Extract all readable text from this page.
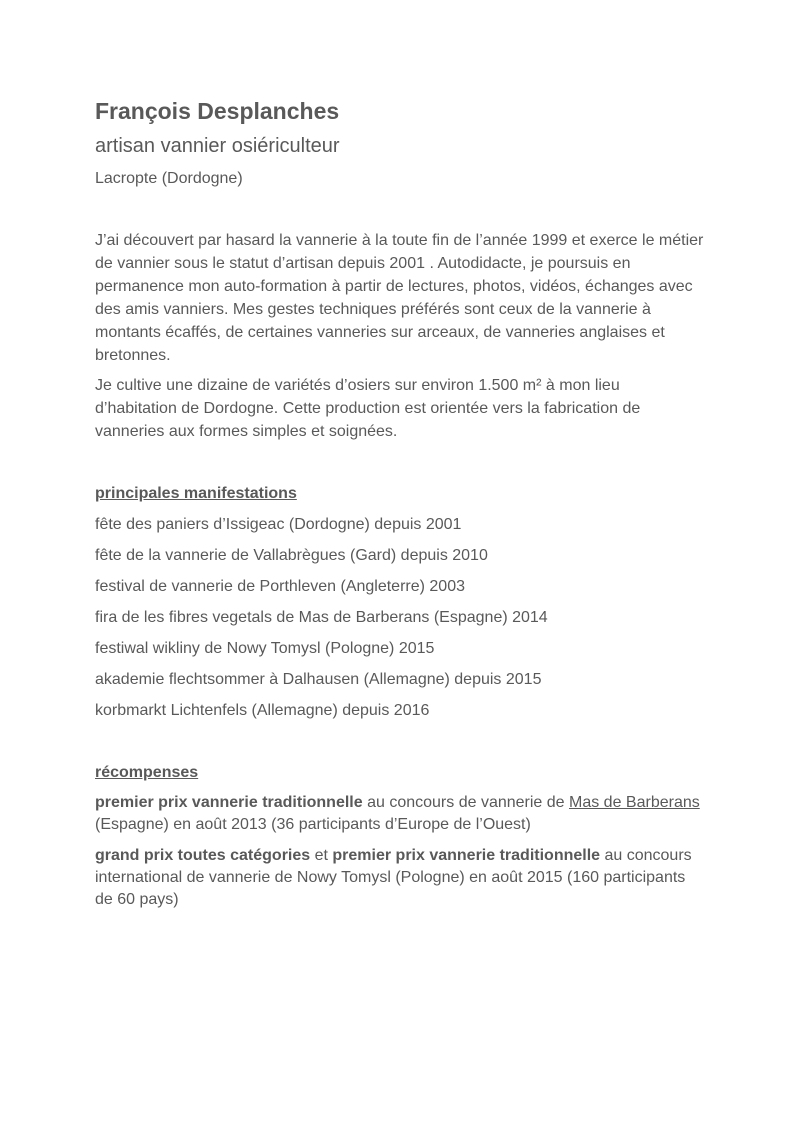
François Desplanches

artisan vannier osiériculteur

Lacropte (Dordogne)

J’ai découvert par hasard la vannerie à la toute fin de l’année 1999 et exerce le métier de vannier sous le statut d’artisan depuis 2001 . Autodidacte, je poursuis en permanence mon auto-formation à partir de lectures, photos, vidéos, échanges avec des amis vanniers. Mes gestes techniques préférés sont ceux de la vannerie à montants écaffés, de certaines vanneries sur arceaux, de vanneries anglaises et bretonnes.

Je cultive une dizaine de variétés d’osiers sur environ 1.500 m² à mon lieu d’habitation de Dordogne. Cette production est orientée vers la fabrication de vanneries aux formes simples et soignées.

principales manifestations

fête des paniers d’Issigeac (Dordogne) depuis 2001

fête de la vannerie de Vallabrègues (Gard) depuis 2010

festival de vannerie de Porthleven (Angleterre) 2003

fira de les fibres vegetals de Mas de Barberans (Espagne) 2014

festiwal wikliny de Nowy Tomysl (Pologne) 2015

akademie flechtsommer à Dalhausen (Allemagne) depuis 2015

korbmarkt Lichtenfels (Allemagne) depuis 2016

récompenses

premier prix vannerie traditionnelle au concours de vannerie de Mas de Barberans (Espagne) en août 2013 (36 participants d’Europe de l’Ouest)

grand prix toutes catégories et premier prix vannerie traditionnelle au concours international de vannerie de Nowy Tomysl (Pologne) en août 2015 (160 participants de 60 pays)
